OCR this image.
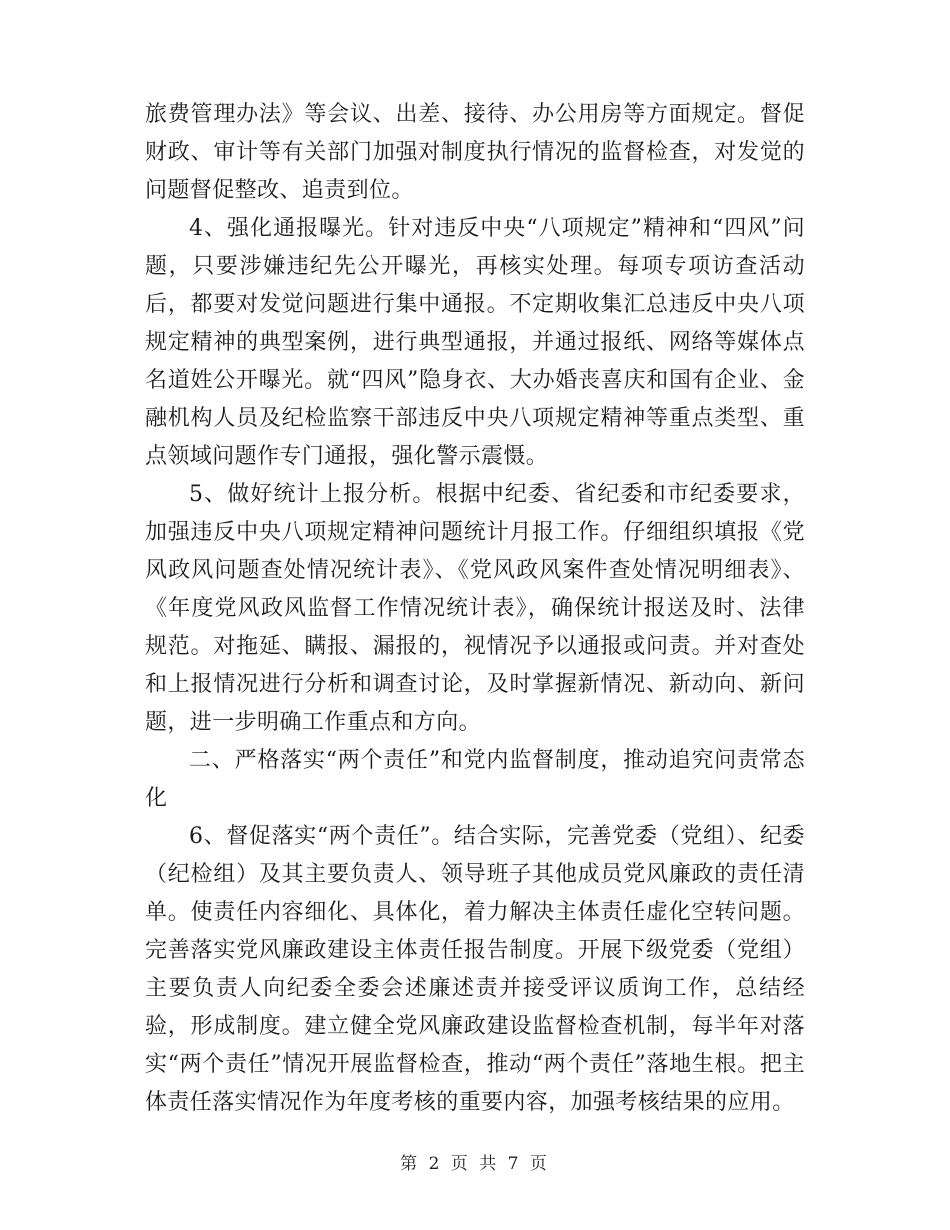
旅费管理办法》等会议、出差、接待、办公用房等方面规定。督促财政、审计等有关部门加强对制度执行情况的监督检查，对发觉的问题督促整改、追责到位。

4、强化通报曝光。针对违反中央“八项规定”精神和“四风”问题，只要涉嫌违纪先公开曝光，再核实处理。每项专项访查活动后，都要对发觉问题进行集中通报。不定期收集汇总违反中央八项规定精神的典型案例，进行典型通报，并通过报纸、网络等媒体点名道姓公开曝光。就“四风”隐身衣、大办婚丧喜庆和国有企业、金融机构人员及纪检监察干部违反中央八项规定精神等重点类型、重点领域问题作专门通报，强化警示震慑。

5、做好统计上报分析。根据中纪委、省纪委和市纪委要求，加强违反中央八项规定精神问题统计月报工作。仔细组织填报《党风政风问题查处情况统计表》、《党风政风案件查处情况明细表》、《年度党风政风监督工作情况统计表》，确保统计报送及时、法律规范。对拖延、瞒报、漏报的，视情况予以通报或问责。并对查处和上报情况进行分析和调查讨论，及时掌握新情况、新动向、新问题，进一步明确工作重点和方向。

二、严格落实“两个责任”和党内监督制度，推动追究问责常态化

6、督促落实“两个责任”。结合实际，完善党委（党组）、纪委（纪检组）及其主要负责人、领导班子其他成员党风廉政的责任清单。使责任内容细化、具体化，着力解决主体责任虚化空转问题。完善落实党风廉政建设主体责任报告制度。开展下级党委（党组）主要负责人向纪委全委会述廉述责并接受评议质询工作，总结经验，形成制度。建立健全党风廉政建设监督检查机制，每半年对落实“两个责任”情况开展监督检查，推动“两个责任”落地生根。把主体责任落实情况作为年度考核的重要内容，加强考核结果的应用。

第 2 页 共 7 页
